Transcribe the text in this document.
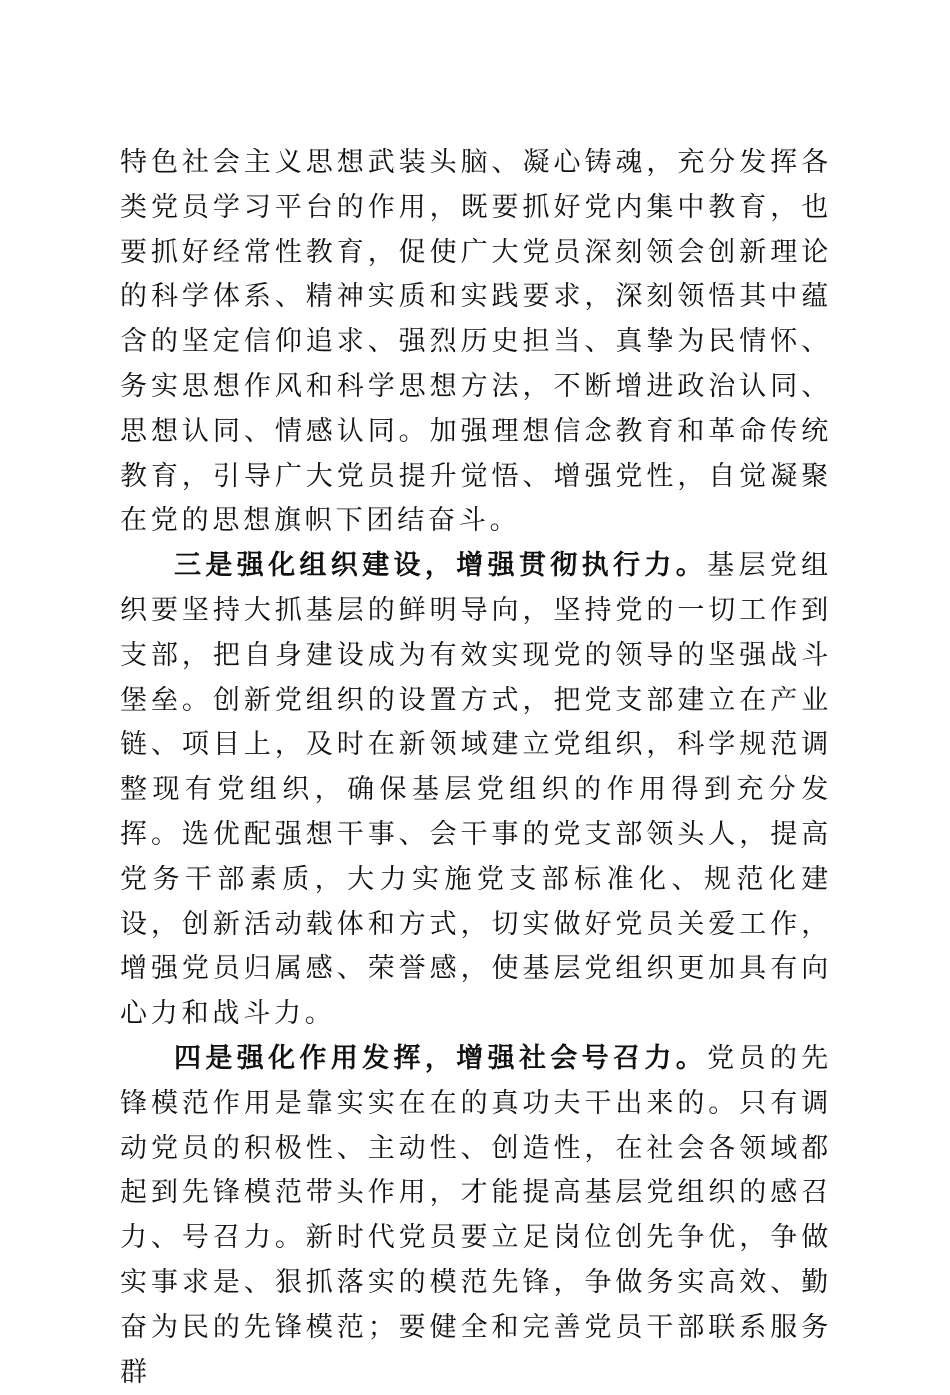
特色社会主义思想武装头脑、凝心铸魂，充分发挥各类党员学习平台的作用，既要抓好党内集中教育，也要抓好经常性教育，促使广大党员深刻领会创新理论的科学体系、精神实质和实践要求，深刻领悟其中蕴含的坚定信仰追求、强烈历史担当、真挚为民情怀、务实思想作风和科学思想方法，不断增进政治认同、思想认同、情感认同。加强理想信念教育和革命传统教育，引导广大党员提升觉悟、增强党性，自觉凝聚在党的思想旗帜下团结奋斗。

三是强化组织建设，增强贯彻执行力。基层党组织要坚持大抓基层的鲜明导向，坚持党的一切工作到支部，把自身建设成为有效实现党的领导的坚强战斗堡垒。创新党组织的设置方式，把党支部建立在产业链、项目上，及时在新领域建立党组织，科学规范调整现有党组织，确保基层党组织的作用得到充分发挥。选优配强想干事、会干事的党支部领头人，提高党务干部素质，大力实施党支部标准化、规范化建设，创新活动载体和方式，切实做好党员关爱工作，增强党员归属感、荣誉感，使基层党组织更加具有向心力和战斗力。

四是强化作用发挥，增强社会号召力。党员的先锋模范作用是靠实实在在的真功夫干出来的。只有调动党员的积极性、主动性、创造性，在社会各领域都起到先锋模范带头作用，才能提高基层党组织的感召力、号召力。新时代党员要立足岗位创先争优，争做实事求是、狠抓落实的模范先锋，争做务实高效、勤奋为民的先锋模范；要健全和完善党员干部联系服务群
